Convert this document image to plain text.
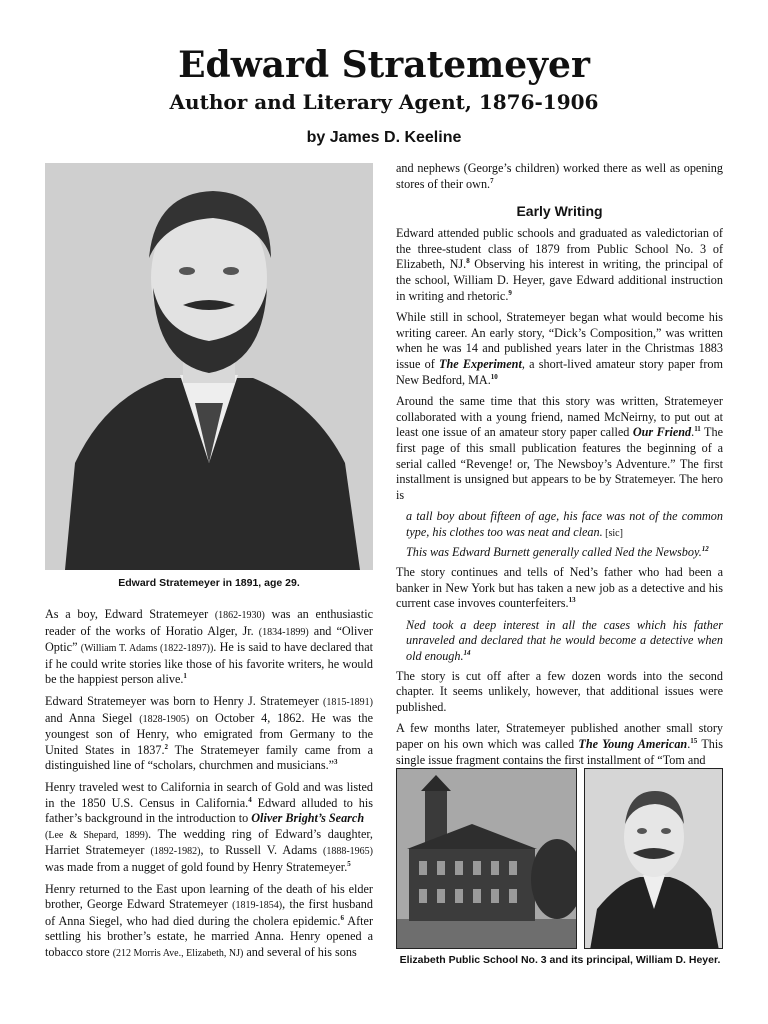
Edward Stratemeyer
Author and Literary Agent, 1876-1906
by James D. Keeline
Edward Stratemeyer in 1891, age 29.

As a boy, Edward Stratemeyer (1862-1930) was an enthusiastic reader of the works of Horatio Alger, Jr. (1834-1899) and “Oliver Optic” (William T. Adams (1822-1897)). He is said to have declared that if he could write stories like those of his favorite writers, he would be the happiest person alive.$^1$

Edward Stratemeyer was born to Henry J. Stratemeyer (1815-1891) and Anna Siegel (1828-1905) on October 4, 1862. He was the youngest son of Henry, who emigrated from Germany to the United States in 1837.$^2$ The Stratemeyer family came from a distinguished line of “scholars, churchmen and musicians.”$^3$

Henry traveled west to California in search of Gold and was listed in the 1850 U.S. Census in California.$^4$ Edward alluded to his father’s background in the introduction to Oliver Bright’s Search
(Lee & Shepard, 1899). The wedding ring of Edward’s daughter, Harriet Stratemeyer (1892-1982), to Russell V. Adams (1888-1965) was made from a nugget of gold found by Henry Stratemeyer.$^5$

Henry returned to the East upon learning of the death of his elder brother, George Edward Stratemeyer (1819-1854), the first husband of Anna Siegel, who had died during the cholera epidemic.$^6$ After settling his brother’s estate, he married Anna. Henry opened a tobacco store (212 Morris Ave., Elizabeth, NJ) and several of his sons

and nephews (George’s children) worked there as well as opening stores of their own.$^7$

Early Writing

Edward attended public schools and graduated as valedictorian of the three-student class of 1879 from Public School No. 3 of Elizabeth, NJ.$^8$ Observing his interest in writing, the principal of the school, William D. Heyer, gave Edward additional instruction in writing and rhetoric.$^9$

While still in school, Stratemeyer began what would become his writing career. An early story, “Dick’s Composition,” was written when he was 14 and published years later in the Christmas 1883 issue of The Experiment, a short-lived amateur story paper from New Bedford, MA.$^{10}$

Around the same time that this story was written, Stratemeyer collaborated with a young friend, named McNeirny, to put out at least one issue of an amateur story paper called Our Friend.$^{11}$ The first page of this small publication features the beginning of a serial called “Revenge! or, The Newsboy’s Adventure.” The first installment is unsigned but appears to be by Stratemeyer. The hero is

a tall boy about fifteen of age, his face was not of the common type, his clothes too was neat and clean. [sic]

This was Edward Burnett generally called Ned the Newsboy.$^{12}$

The story continues and tells of Ned’s father who had been a banker in New York but has taken a new job as a detective and his current case invoves counterfeiters.$^{13}$

Ned took a deep interest in all the cases which his father unraveled and declared that he would become a detective when old enough.$^{14}$

The story is cut off after a few dozen words into the second chapter. It seems unlikely, however, that additional issues were published.

A few months later, Stratemeyer published another small story paper on his own which was called The Young American.$^{15}$ This single issue fragment contains the first installment of “Tom and

Elizabeth Public School No. 3 and its principal, William D. Heyer.
